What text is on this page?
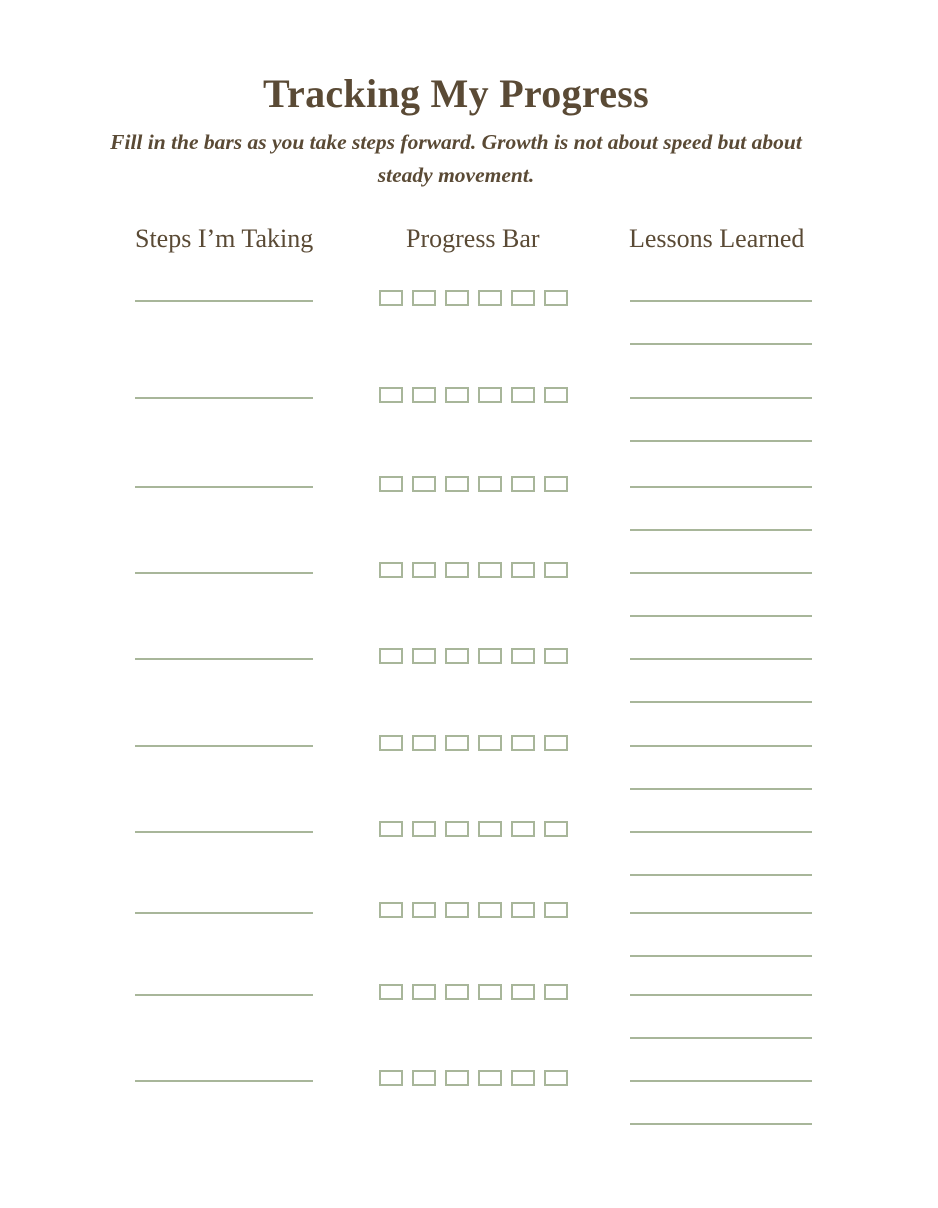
Tracking My Progress

Fill in the bars as you take steps forward. Growth is not about speed but about steady movement.

Steps I’m Taking	Progress Bar	Lessons Learned
